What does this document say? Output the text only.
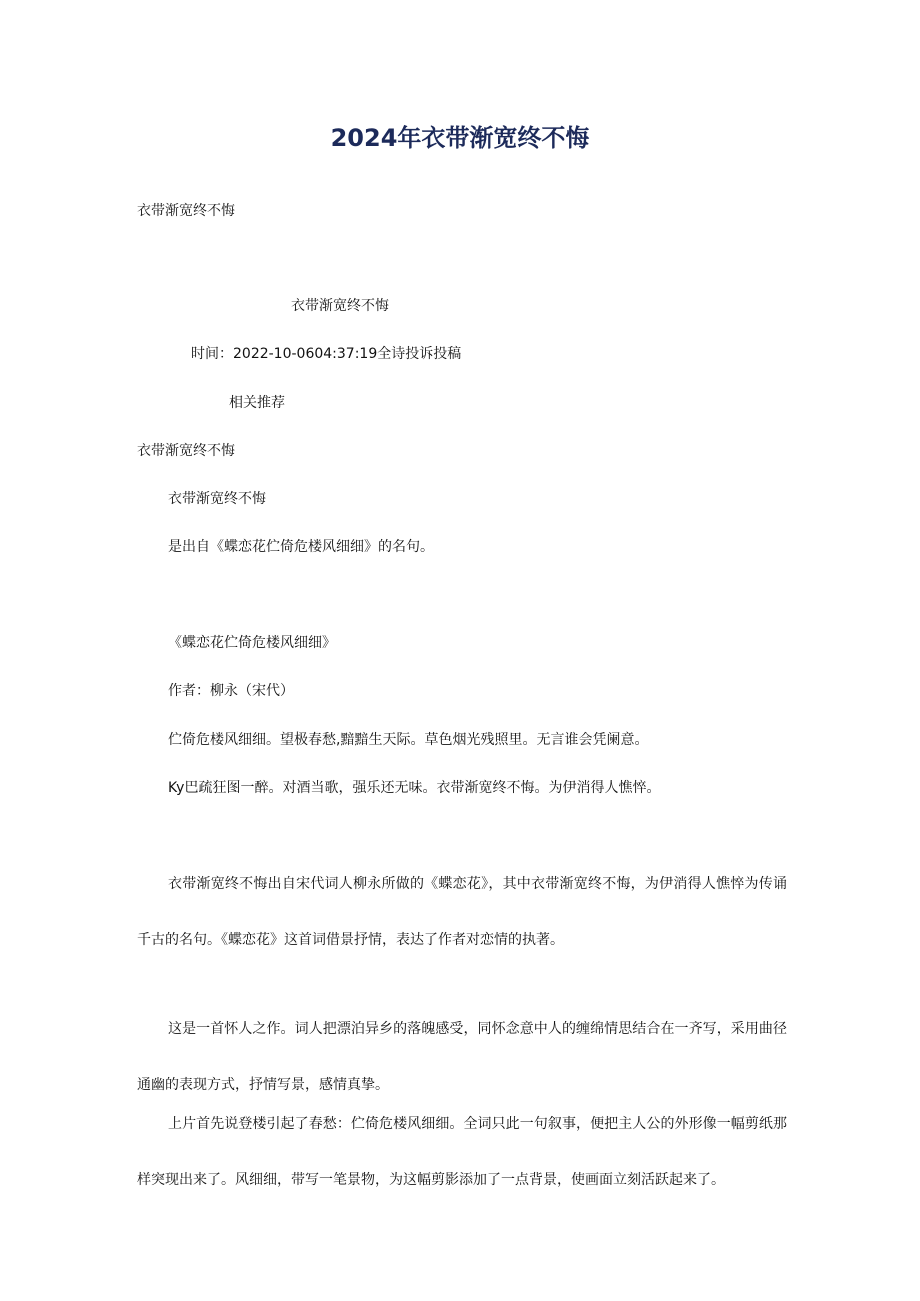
2024年衣带渐宽终不悔
衣带渐宽终不悔
衣带渐宽终不悔
时间：2022-10-0604:37:19全诗投诉投稿
相关推荐
衣带渐宽终不悔
衣带渐宽终不悔
是出自《蝶恋花伫倚危楼风细细》的名句。
《蝶恋花伫倚危楼风细细》
作者：柳永（宋代）
伫倚危楼风细细。望极春愁,黯黯生天际。草色烟光残照里。无言谁会凭阑意。
Ky巴疏狂图一醉。对酒当歌，强乐还无味。衣带渐宽终不悔。为伊消得人憔悴。
衣带渐宽终不悔出自宋代词人柳永所做的《蝶恋花》，其中衣带渐宽终不悔，为伊消得人憔悴为传诵千古的名句。《蝶恋花》这首词借景抒情，表达了作者对恋情的执著。
这是一首怀人之作。词人把漂泊异乡的落魄感受，同怀念意中人的缠绵情思结合在一齐写，采用曲径通幽的表现方式，抒情写景，感情真挚。
上片首先说登楼引起了春愁：伫倚危楼风细细。全词只此一句叙事，便把主人公的外形像一幅剪纸那样突现出来了。风细细，带写一笔景物，为这幅剪影添加了一点背景，使画面立刻活跃起来了。
